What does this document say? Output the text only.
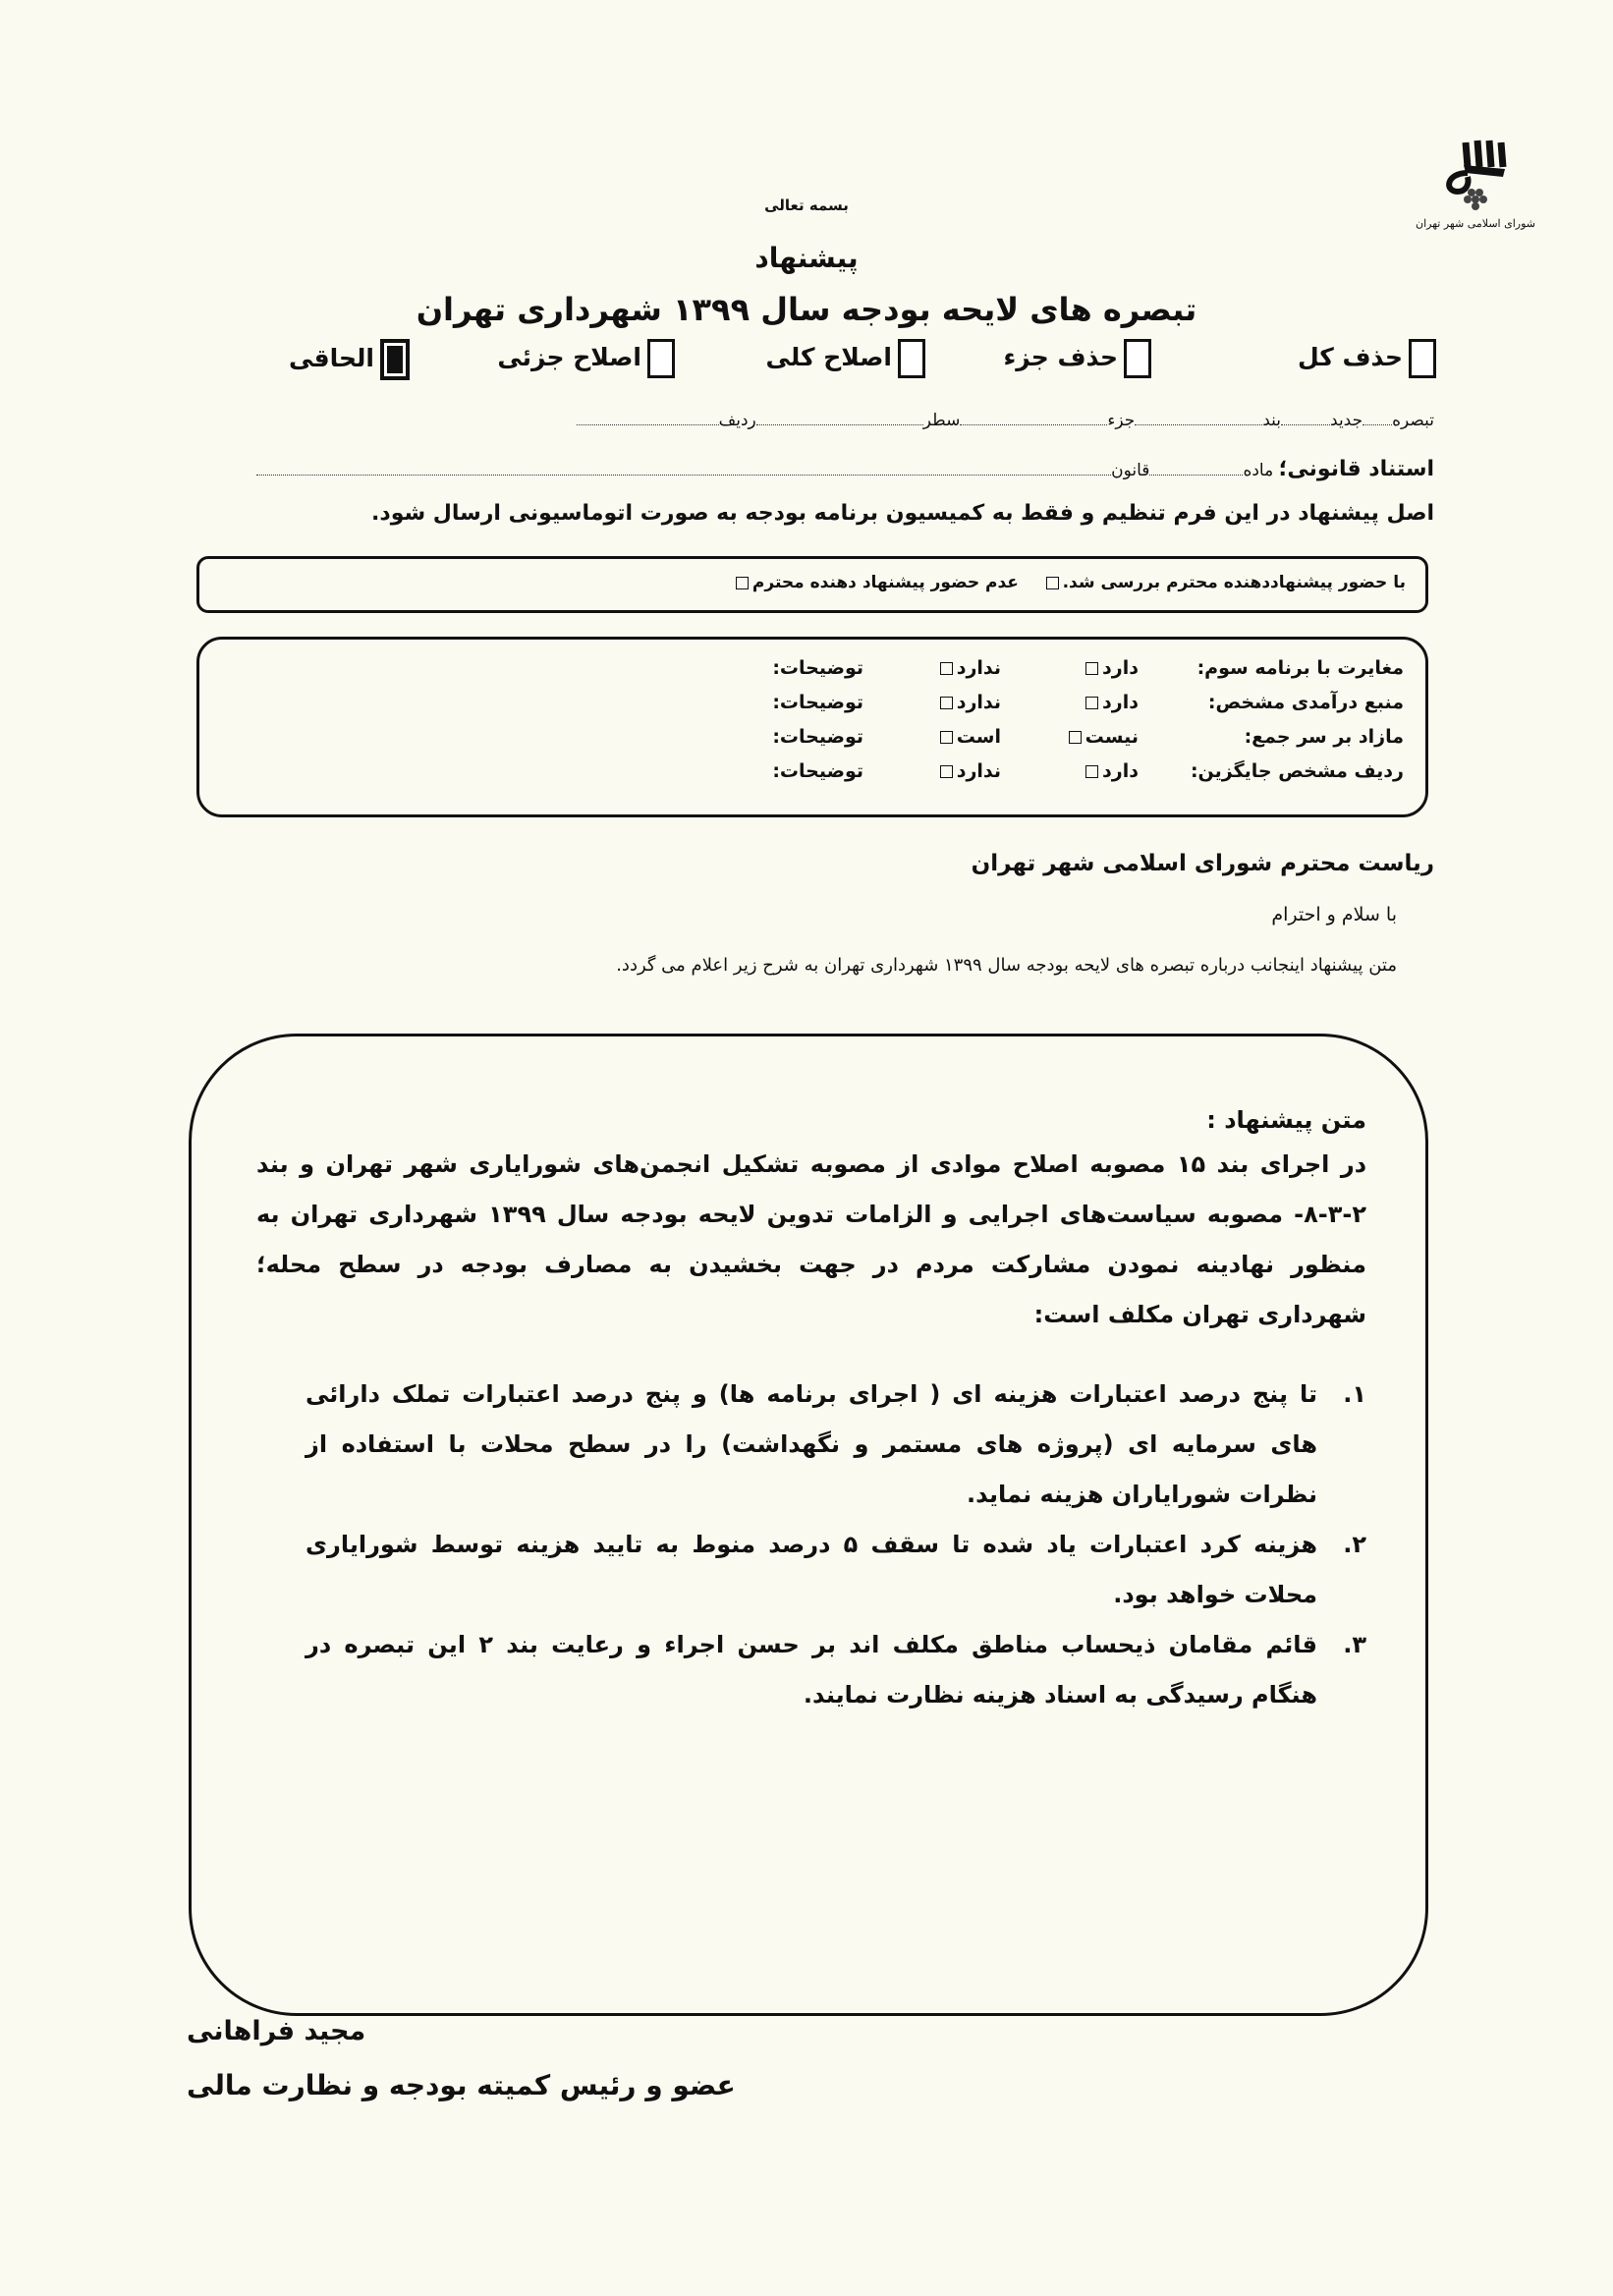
شورای اسلامی شهر تهران
بسمه تعالی
پیشنهاد
تبصره های لایحه بودجه سال ۱۳۹۹ شهرداری تهران
حذف کل
حذف جزء
اصلاح کلی
اصلاح جزئی
الحاقی
تبصرهجدیدبندجزءسطرردیف
استناد قانونی؛ مادهقانون
اصل پیشنهاد در این فرم تنظیم و فقط به کمیسیون برنامه بودجه به صورت اتوماسیونی ارسال شود.
با حضور پیشنهاددهنده محترم بررسی شد.    عدم حضور پیشنهاد دهنده محترم
مغایرت با برنامه سوم:
دارد
ندارد
توضیحات:
منبع درآمدی مشخص:
دارد
ندارد
توضیحات:
مازاد بر سر جمع:
نیست
است
توضیحات:
ردیف مشخص جایگزین:
دارد
ندارد
توضیحات:
ریاست محترم شورای اسلامی شهر تهران
با سلام و احترام
متن پیشنهاد اینجانب درباره تبصره های لایحه بودجه سال ۱۳۹۹ شهرداری تهران به شرح زیر اعلام می گردد.
متن پیشنهاد :

در اجرای بند ۱۵ مصوبه اصلاح موادی از مصوبه تشکیل انجمن‌های شورایاری شهر تهران و بند ۲-۳-۸- مصوبه سیاست‌های اجرایی و الزامات تدوین لایحه بودجه سال ۱۳۹۹ شهرداری تهران به منظور نهادینه نمودن مشارکت مردم در جهت بخشیدن به مصارف بودجه در سطح محله؛ شهرداری تهران مکلف است:

۱.
تا پنج درصد اعتبارات هزینه ای ( اجرای برنامه ها) و پنج درصد اعتبارات تملک دارائی های سرمایه ای (پروژه های مستمر و نگهداشت) را در سطح محلات با استفاده از نظرات شورایاران هزینه نماید.
۲.
هزینه کرد اعتبارات یاد شده تا سقف ۵ درصد منوط به تایید هزینه توسط شورایاری محلات خواهد بود.
۳.
قائم مقامان ذیحساب مناطق مکلف اند بر حسن اجراء و رعایت بند ۲ این تبصره در هنگام رسیدگی به اسناد هزینه نظارت نمایند.
مجید فراهانی
عضو و رئیس کمیته بودجه و نظارت مالی
